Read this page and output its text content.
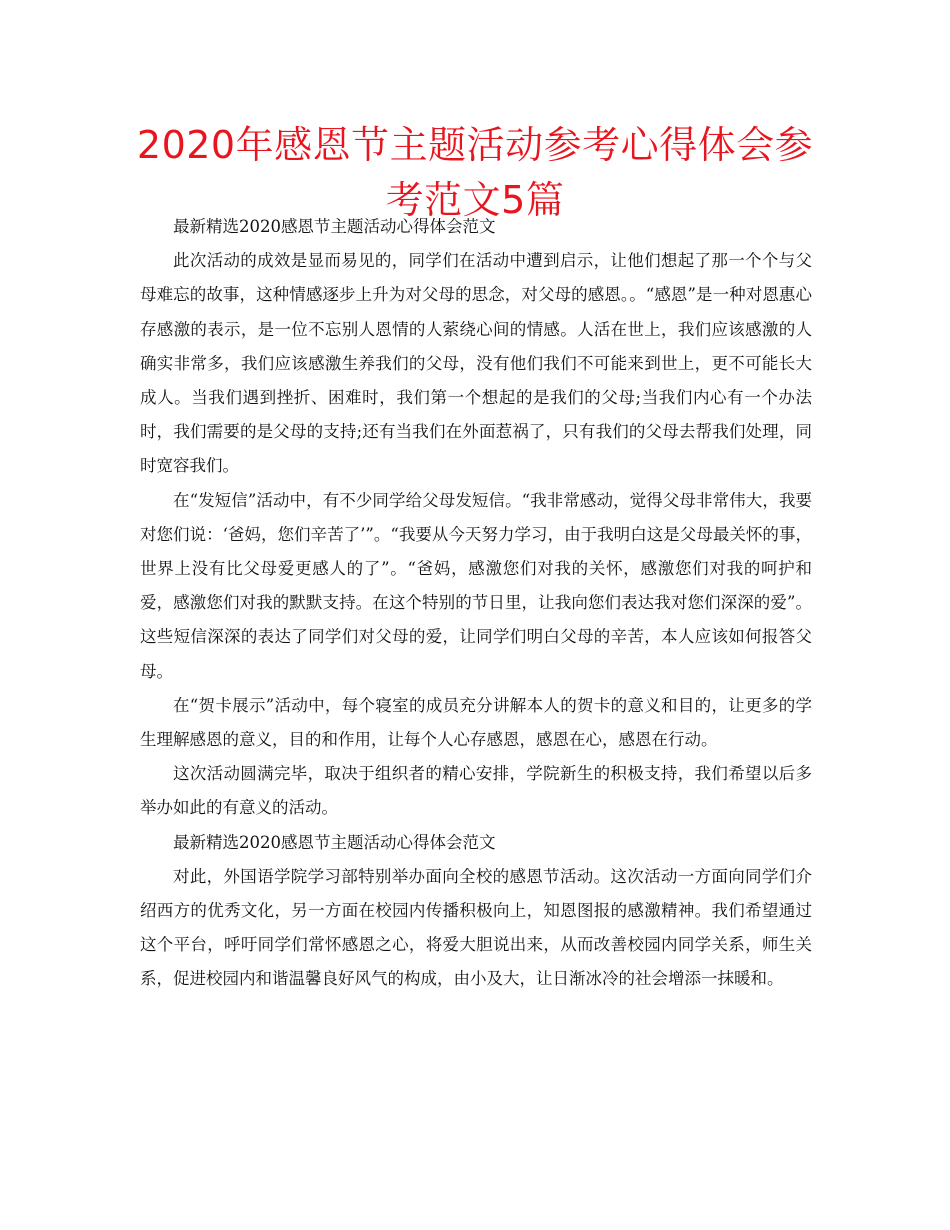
2020年感恩节主题活动参考心得体会参考范文5篇

最新精选2020感恩节主题活动心得体会范文

此次活动的成效是显而易见的，同学们在活动中遭到启示，让他们想起了那一个个与父母难忘的故事，这种情感逐步上升为对父母的思念，对父母的感恩。。“感恩”是一种对恩惠心存感激的表示，是一位不忘别人恩情的人萦绕心间的情感。人活在世上，我们应该感激的人确实非常多，我们应该感激生养我们的父母，没有他们我们不可能来到世上，更不可能长大成人。当我们遇到挫折、困难时，我们第一个想起的是我们的父母;当我们内心有一个办法时，我们需要的是父母的支持;还有当我们在外面惹祸了，只有我们的父母去帮我们处理，同时宽容我们。

在“发短信”活动中，有不少同学给父母发短信。“我非常感动，觉得父母非常伟大，我要对您们说：‘爸妈，您们辛苦了’”。“我要从今天努力学习，由于我明白这是父母最关怀的事，世界上没有比父母爱更感人的了”。“爸妈，感激您们对我的关怀，感激您们对我的呵护和爱，感激您们对我的默默支持。在这个特别的节日里，让我向您们表达我对您们深深的爱”。这些短信深深的表达了同学们对父母的爱，让同学们明白父母的辛苦，本人应该如何报答父母。

在“贺卡展示”活动中，每个寝室的成员充分讲解本人的贺卡的意义和目的，让更多的学生理解感恩的意义，目的和作用，让每个人心存感恩，感恩在心，感恩在行动。

这次活动圆满完毕，取决于组织者的精心安排，学院新生的积极支持，我们希望以后多举办如此的有意义的活动。

最新精选2020感恩节主题活动心得体会范文

对此，外国语学院学习部特别举办面向全校的感恩节活动。这次活动一方面向同学们介绍西方的优秀文化，另一方面在校园内传播积极向上，知恩图报的感激精神。我们希望通过这个平台，呼吁同学们常怀感恩之心，将爱大胆说出来，从而改善校园内同学关系，师生关系，促进校园内和谐温馨良好风气的构成，由小及大，让日渐冰冷的社会增添一抹暖和。
